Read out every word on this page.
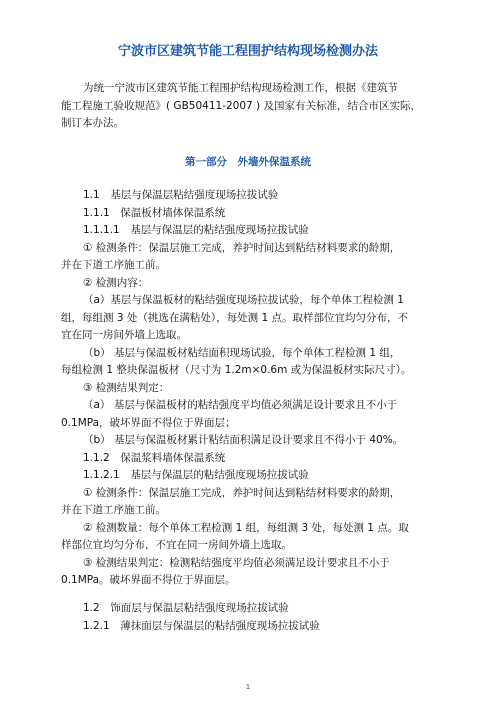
宁波市区建筑节能工程围护结构现场检测办法
为统一宁波市区建筑节能工程围护结构现场检测工作，根据《建筑节
能工程施工验收规范》( GB50411-2007 ) 及国家有关标准，结合市区实际，
制订本办法。
第一部分　外墙外保温系统
1.1　基层与保温层粘结强度现场拉拔试验
1.1.1　保温板材墙体保温系统
1.1.1.1　基层与保温层的粘结强度现场拉拔试验
① 检测条件：保温层施工完成，养护时间达到粘结材料要求的龄期，
并在下道工序施工前。
② 检测内容：
（a）基层与保温板材的粘结强度现场拉拔试验，每个单体工程检测 1
组，每组测 3 处（挑选在满粘处），每处测 1 点。取样部位宜均匀分布，不
宜在同一房间外墙上选取。
（b） 基层与保温板材粘结面积现场试验，每个单体工程检测 1 组，
每组检测 1 整块保温板材（尺寸为 1.2m×0.6m 或为保温板材实际尺寸）。
③ 检测结果判定：
（a） 基层与保温板材的粘结强度平均值必须满足设计要求且不小于
0.1MPa，破坏界面不得位于界面层；
（b） 基层与保温板材累计粘结面积满足设计要求且不得小于 40%。
1.1.2　保温浆料墙体保温系统
1.1.2.1　基层与保温层的粘结强度现场拉拔试验
① 检测条件：保温层施工完成，养护时间达到粘结材料要求的龄期，
并在下道工序施工前。
② 检测数量：每个单体工程检测 1 组，每组测 3 处，每处测 1 点。取
样部位宜均匀分布，不宜在同一房间外墙上选取。
③ 检测结果判定：检测粘结强度平均值必须满足设计要求且不小于
0.1MPa。破坏界面不得位于界面层。
1.2　饰面层与保温层粘结强度现场拉拔试验
1.2.1　薄抹面层与保温层的粘结强度现场拉拔试验
1
